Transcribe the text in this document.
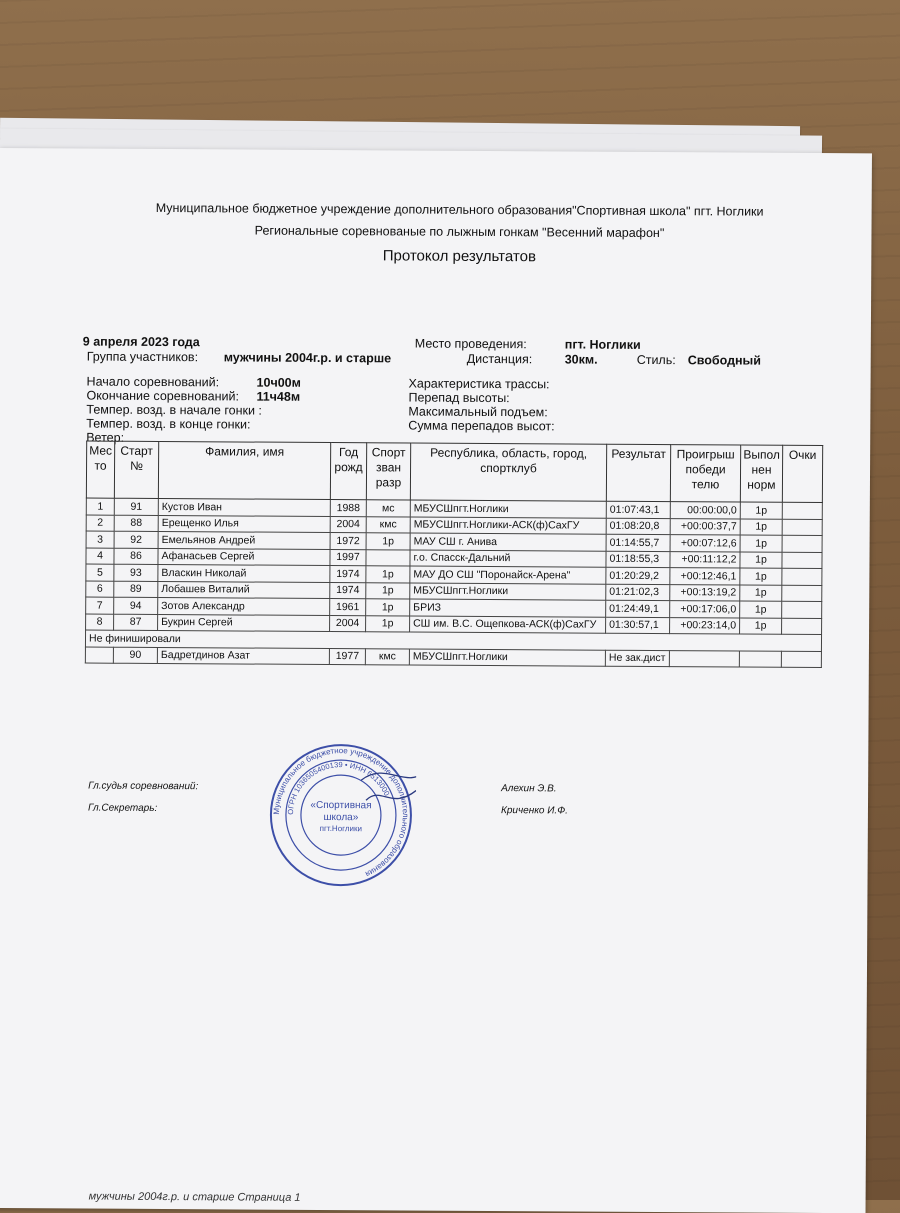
Муниципальное бюджетное учреждение дополнительного образования"Спортивная школа" пгт. Ноглики
Региональные соревнованые по лыжным гонкам "Весенний марафон"
Протокол результатов
9 апреля 2023 года	Место проведения:	пгт. Ноглики
Группа участников: мужчины 2004г.р. и старше	Дистанция:	30км.	Стиль: Свободный
Начало соревнований:	10ч00м
Окончание соревнований: 11ч48м
Темпер. возд. в начале гонки :
Темпер. возд. в конце гонки:
Ветер:
Характеристика трассы:
Перепад высоты:
Максимальный подъем:
Сумма перепадов высот:
Мес то	Старт №	Фамилия, имя	Год рожд	Спорт зван разр	Республика, область, город, спортклуб	Результат	Проигрыш победи телю	Выпол нен норм	Очки
1	91	Кустов Иван	1988	мс	МБУСШпгт.Ноглики	01:07:43,1	00:00:00,0	1р	
2	88	Ерещенко Илья	2004	кмс	МБУСШпгт.Ноглики-АСК(ф)СахГУ	01:08:20,8	+00:00:37,7	1р	
3	92	Емельянов Андрей	1972	1р	МАУ СШ г. Анива	01:14:55,7	+00:07:12,6	1р	
4	86	Афанасьев Сергей	1997		г.о. Спасск-Дальний	01:18:55,3	+00:11:12,2	1р	
5	93	Власкин Николай	1974	1р	МАУ ДО СШ "Поронайск-Арена"	01:20:29,2	+00:12:46,1	1р	
6	89	Лобашев Виталий	1974	1р	МБУСШпгт.Ноглики	01:21:02,3	+00:13:19,2	1р	
7	94	Зотов Александр	1961	1р	БРИЗ	01:24:49,1	+00:17:06,0	1р	
8	87	Букрин Сергей	2004	1р	СШ им. В.С. Ощепкова-АСК(ф)СахГУ	01:30:57,1	+00:23:14,0	1р	
Не финишировали									
	90	Бадретдинов Азат	1977	кмс	МБУСШпгт.Ноглики	Не зак.дист			
Гл.судья соревнований:	Алехин Э.В.
Гл.Секретарь:	Криченко И.Ф.
Муниципальное бюджетное учреждение дополнительного образования
ОГРН 1036505400139 • ИНН 6513000
«Спортивная
школа»
пгт.Ноглики
мужчины 2004г.р. и старше Страница 1
